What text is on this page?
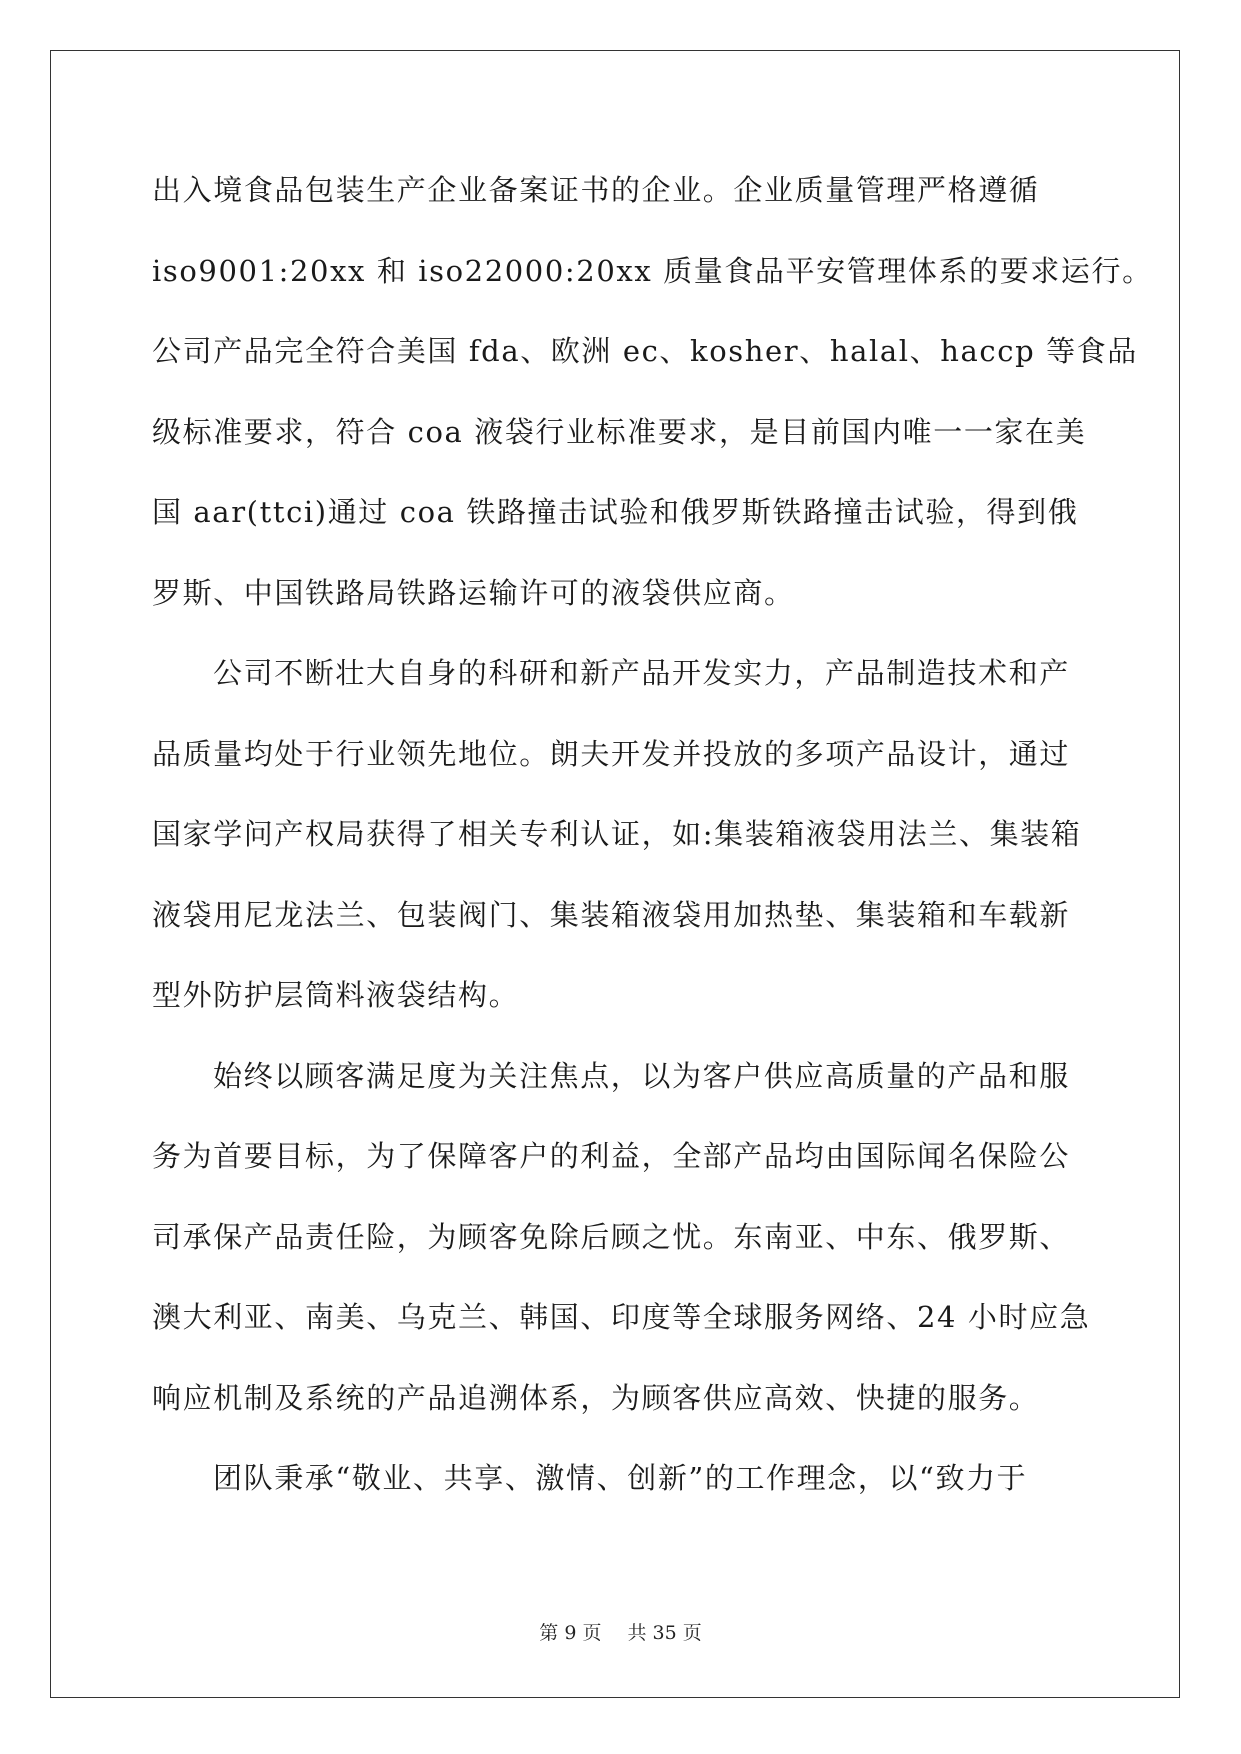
出入境食品包装生产企业备案证书的企业。企业质量管理严格遵循
iso9001:20xx 和 iso22000:20xx 质量食品平安管理体系的要求运行。
公司产品完全符合美国 fda、欧洲 ec、kosher、halal、haccp 等食品
级标准要求，符合 coa 液袋行业标准要求，是目前国内唯一一家在美
国 aar(ttci)通过 coa 铁路撞击试验和俄罗斯铁路撞击试验，得到俄
罗斯、中国铁路局铁路运输许可的液袋供应商。
公司不断壮大自身的科研和新产品开发实力，产品制造技术和产
品质量均处于行业领先地位。朗夫开发并投放的多项产品设计，通过
国家学问产权局获得了相关专利认证，如:集装箱液袋用法兰、集装箱
液袋用尼龙法兰、包装阀门、集装箱液袋用加热垫、集装箱和车载新
型外防护层筒料液袋结构。
始终以顾客满足度为关注焦点，以为客户供应高质量的产品和服
务为首要目标，为了保障客户的利益，全部产品均由国际闻名保险公
司承保产品责任险，为顾客免除后顾之忧。东南亚、中东、俄罗斯、
澳大利亚、南美、乌克兰、韩国、印度等全球服务网络、24 小时应急
响应机制及系统的产品追溯体系，为顾客供应高效、快捷的服务。
团队秉承“敬业、共享、激情、创新”的工作理念，以“致力于
第 9 页 共 35 页
